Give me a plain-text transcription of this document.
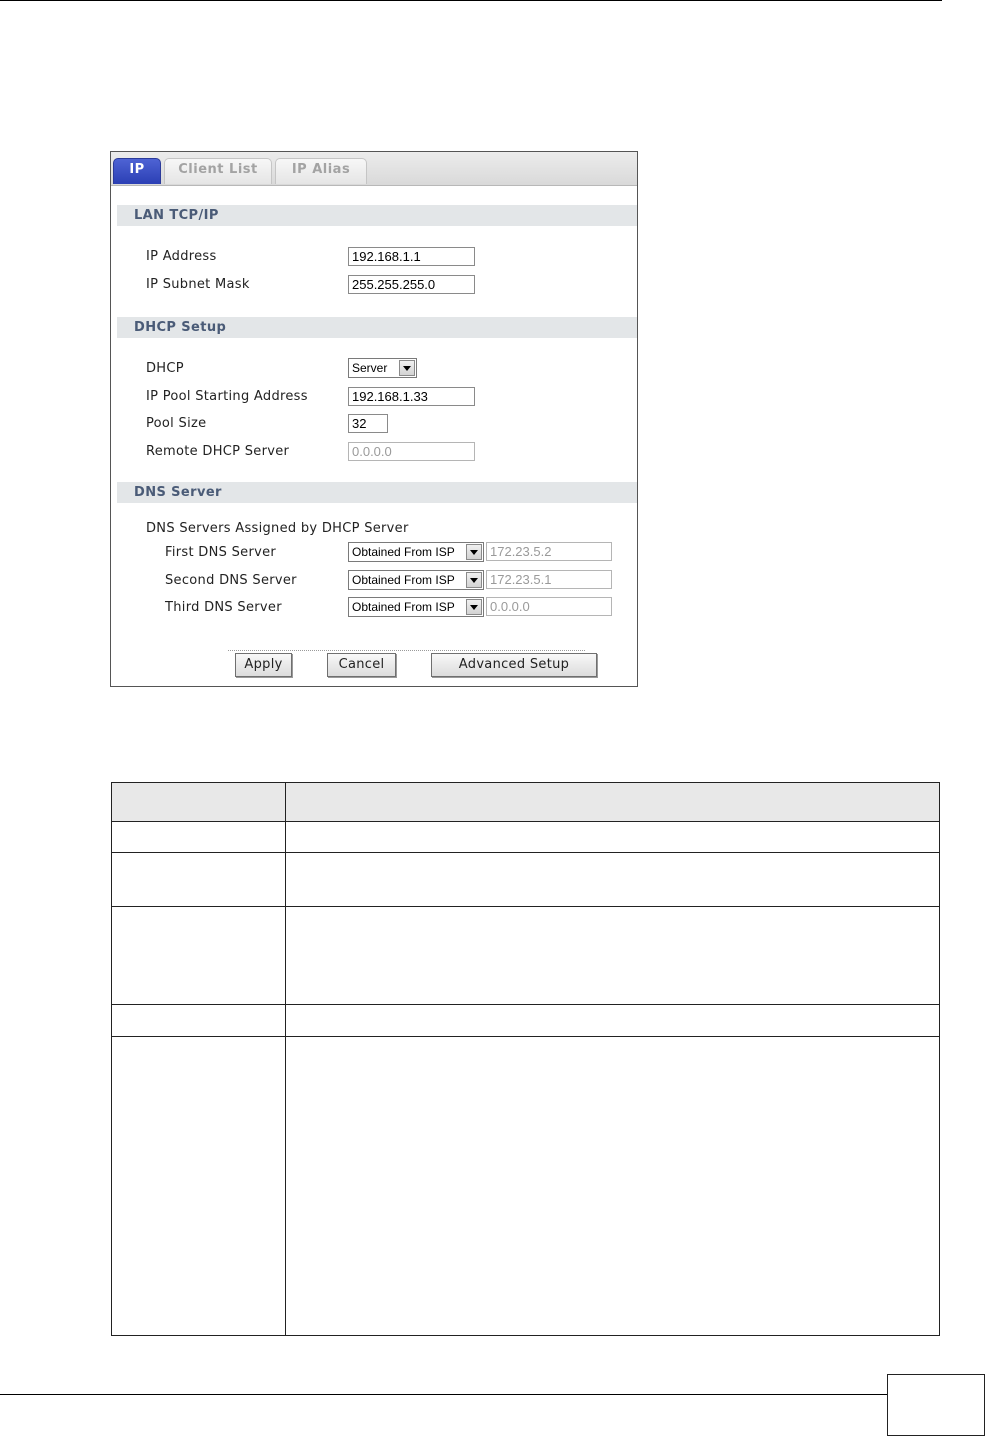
IP	Client List	IP Alias
LAN TCP/IP
IP Address	192.168.1.1
IP Subnet Mask	255.255.255.0
DHCP Setup
DHCP	Server
IP Pool Starting Address	192.168.1.33
Pool Size	32
Remote DHCP Server	0.0.0.0
DNS Server
DNS Servers Assigned by DHCP Server
First DNS Server	Obtained From ISP	172.23.5.2
Second DNS Server	Obtained From ISP	172.23.5.1
Third DNS Server	Obtained From ISP	0.0.0.0
Apply	Cancel	Advanced Setup
